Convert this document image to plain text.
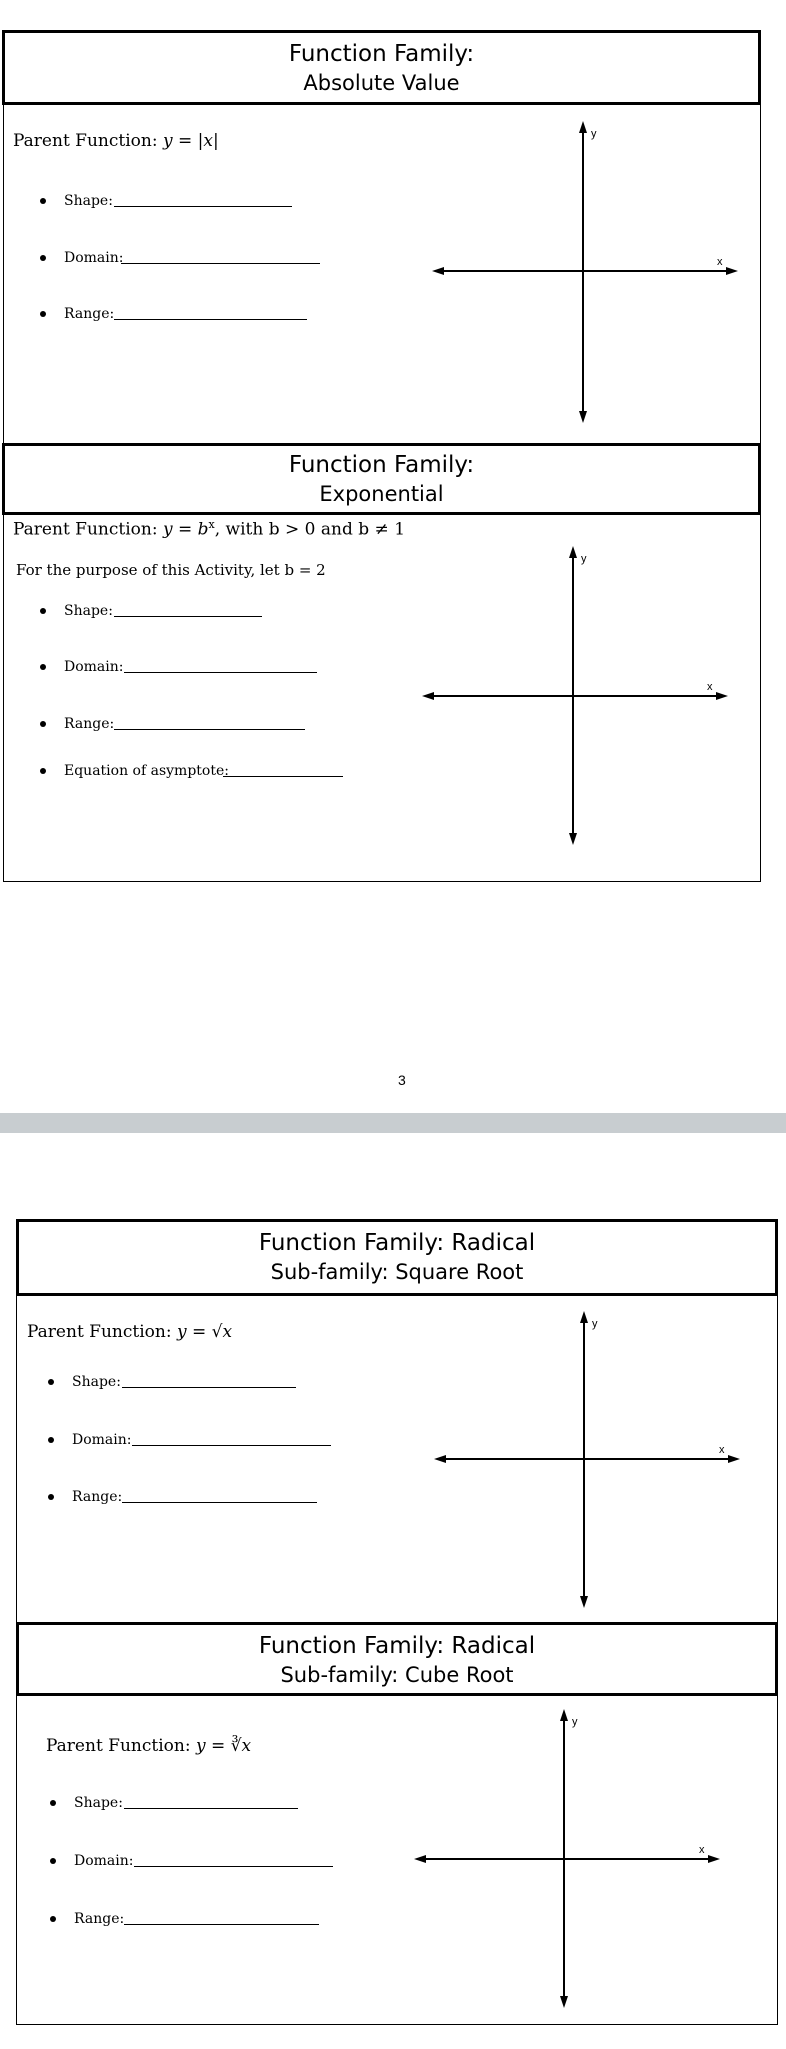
Function Family:
Absolute Value
Parent Function: y = |x|
Shape:
Domain:
Range:
x
y
Function Family:
Exponential
Parent Function: $y = b^x$, with b > 0 and b ≠ 1
For the purpose of this Activity, let b = 2
Shape:
Domain:
Range:
Equation of asymptote:
x
y
3
Function Family: Radical
Sub-family: Square Root
Parent Function: y = √x
Shape:
Domain:
Range:
x
y
Function Family: Radical
Sub-family: Cube Root
Parent Function: y = ∛x
Shape:
Domain:
Range:
x
y
